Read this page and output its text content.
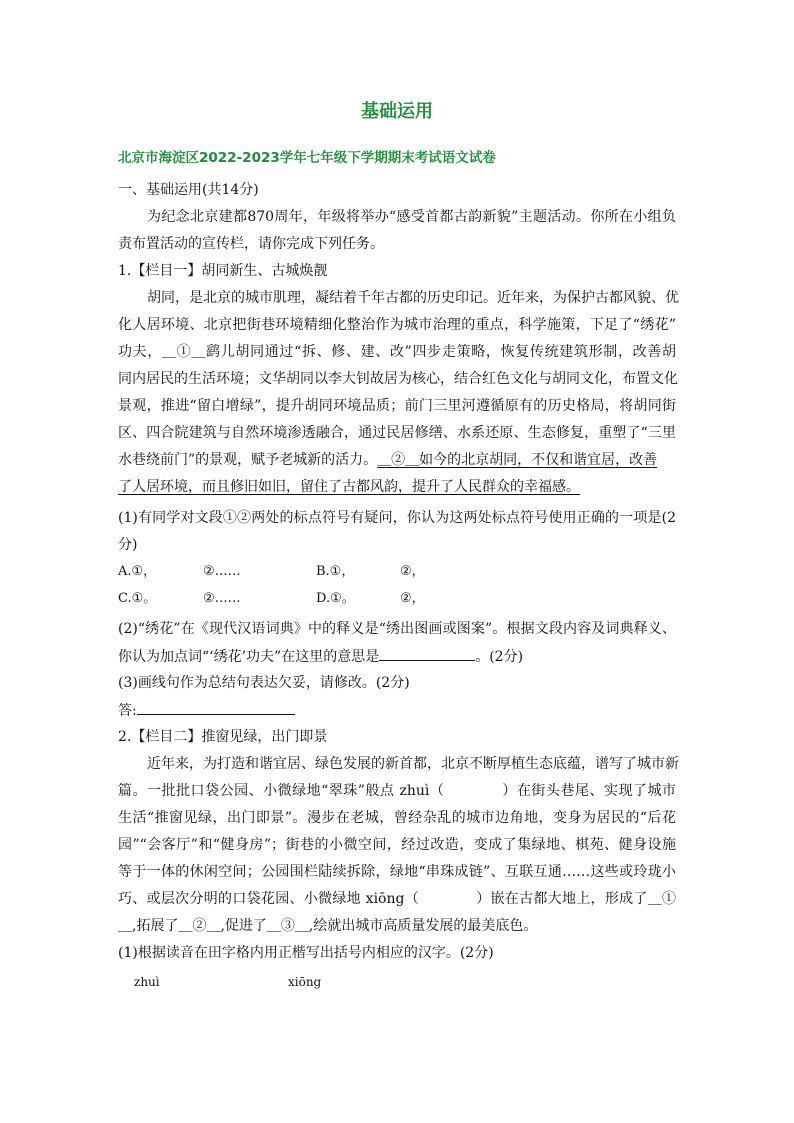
基础运用
北京市海淀区2022-2023学年七年级下学期期末考试语文试卷
一、基础运用(共14分)
为纪念北京建都870周年，年级将举办“感受首都古韵新貌”主题活动。你所在小组负
责布置活动的宣传栏，请你完成下列任务。
1.【栏目一】胡同新生、古城焕靓
胡同，是北京的城市肌理，凝结着千年古都的历史印记。近年来，为保护古都风貌、优
化人居环境、北京把街巷环境精细化整治作为城市治理的重点，科学施策，下足了“绣花”
功夫，＿①＿鹞儿胡同通过“拆、修、建、改”四步走策略，恢复传统建筑形制，改善胡
同内居民的生活环境；文华胡同以李大钊故居为核心，结合红色文化与胡同文化，布置文化
景观，推进“留白增绿”，提升胡同环境品质；前门三里河遵循原有的历史格局，将胡同街
区、四合院建筑与自然环境渗透融合，通过民居修缮、水系还原、生态修复，重塑了“三里
水巷绕前门”的景观，赋予老城新的活力。＿②＿如今的北京胡同，不仅和谐宜居，改善
了人居环境，而且修旧如旧，留住了古都风韵，提升了人民群众的幸福感。
(1)有同学对文段①②两处的标点符号有疑问，你认为这两处标点符号使用正确的一项是(2
分)
A.①，	②……	B.①，	②，
C.①。	②……	D.①。	②，
(2)“绣花”在《现代汉语词典》中的释义是“绣出图画或图案”。根据文段内容及词典释义、
你认为加点词“‘绣花’功夫”在这里的意思是	。(2分)
(3)画线句作为总结句表达欠妥，请修改。(2分)
答:
2.【栏目二】推窗见绿，出门即景
近年来，为打造和谐宜居、绿色发展的新首都，北京不断厚植生态底蕴，谱写了城市新
篇。一批批口袋公园、小微绿地“翠珠”般点 zhuì（　　　　）在街头巷尾、实现了城市
生活“推窗见绿，出门即景”。漫步在老城，曾经杂乱的城市边角地，变身为居民的“后花
园”“会客厅”和“健身房”；街巷的小微空间，经过改造，变成了集绿地、棋苑、健身设施
等于一体的休闲空间；公园围栏陆续拆除，绿地“串珠成链”、互联互通……这些或玲珑小
巧、或层次分明的口袋花园、小微绿地 xiōng（　　　　）嵌在古都大地上，形成了＿①
＿,拓展了＿②＿,促进了＿③＿,绘就出城市高质量发展的最美底色。
(1)根据读音在田字格内用正楷写出括号内相应的汉字。(2分)
zhuì	xiōng
